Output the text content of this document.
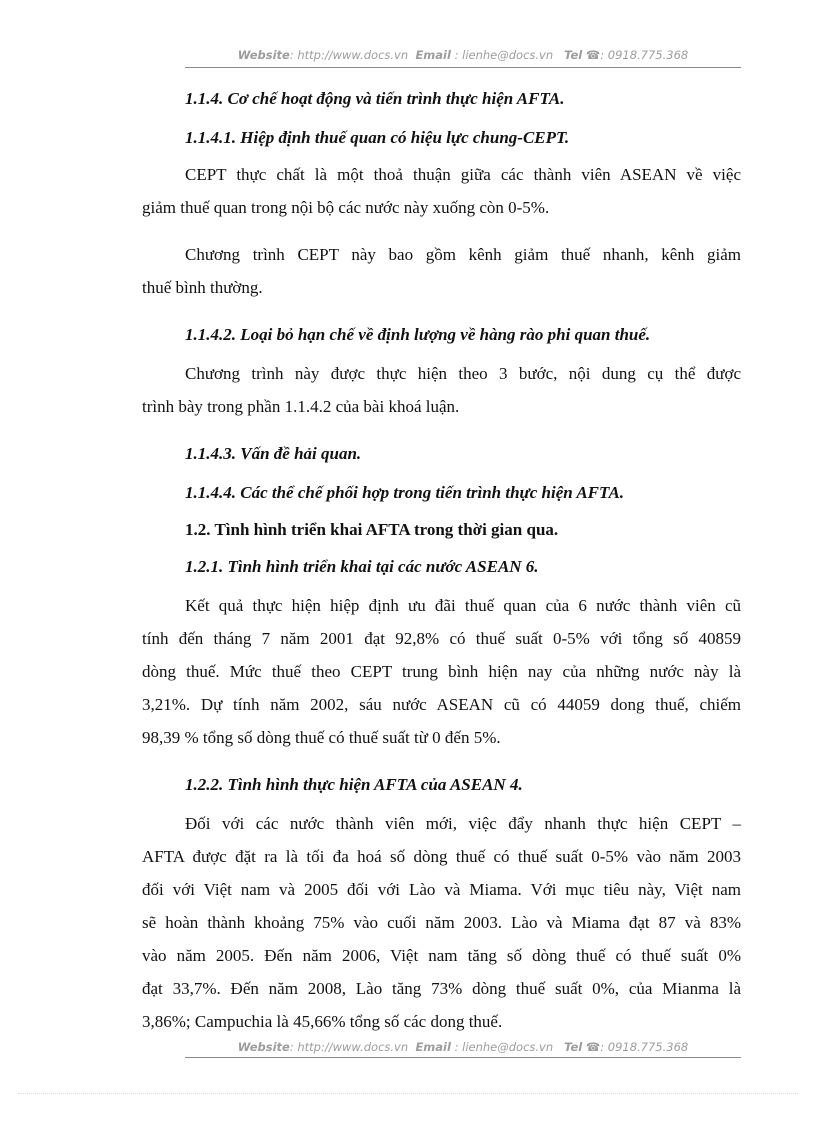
Website: http://www.docs.vn Email : lienhe@docs.vn Tel ☎: 0918.775.368
1.1.4. Cơ chế hoạt động và tiến trình thực hiện AFTA.
1.1.4.1. Hiệp định thuế quan có hiệu lực chung-CEPT.
CEPT thực chất là một thoả thuận giữa các thành viên ASEAN về việc
giảm thuế quan trong nội bộ các nước này xuống còn 0-5%.
Chương trình CEPT này bao gồm kênh giảm thuế nhanh, kênh giảm
thuế bình thường.
1.1.4.2. Loại bỏ hạn chế về định lượng về hàng rào phi quan thuế.
Chương trình này được thực hiện theo 3 bước, nội dung cụ thể được
trình bày trong phần 1.1.4.2 của bài khoá luận.
1.1.4.3. Vấn đề hải quan.
1.1.4.4. Các thể chế phối hợp trong tiến trình thực hiện AFTA.
1.2. Tình hình triển khai AFTA trong thời gian qua.
1.2.1. Tình hình triển khai tại các nước ASEAN 6.
Kết quả thực hiện hiệp định ưu đãi thuế quan của 6 nước thành viên cũ
tính đến tháng 7 năm 2001 đạt 92,8% có thuế suất 0-5% với tổng số 40859
dòng thuế. Mức thuế theo CEPT trung bình hiện nay của những nước này là
3,21%. Dự tính năm 2002, sáu nước ASEAN cũ có 44059 dong thuế, chiếm
98,39 % tổng số dòng thuế có thuế suất từ 0 đến 5%.
1.2.2. Tình hình thực hiện AFTA của ASEAN 4.
Đối với các nước thành viên mới, việc đẩy nhanh thực hiện CEPT –
AFTA được đặt ra là tối đa hoá số dòng thuế có thuế suất 0-5% vào năm 2003
đối với Việt nam và 2005 đối với Lào và Miama. Với mục tiêu này, Việt nam
sẽ hoàn thành khoảng 75% vào cuối năm 2003. Lào và Miama đạt 87 và 83%
vào năm 2005. Đến năm 2006, Việt nam tăng số dòng thuế có thuế suất 0%
đạt 33,7%. Đến năm 2008, Lào tăng 73% dòng thuế suất 0%, của Mianma là
3,86%; Campuchia là 45,66% tổng số các dong thuế.
Website: http://www.docs.vn Email : lienhe@docs.vn Tel ☎: 0918.775.368
